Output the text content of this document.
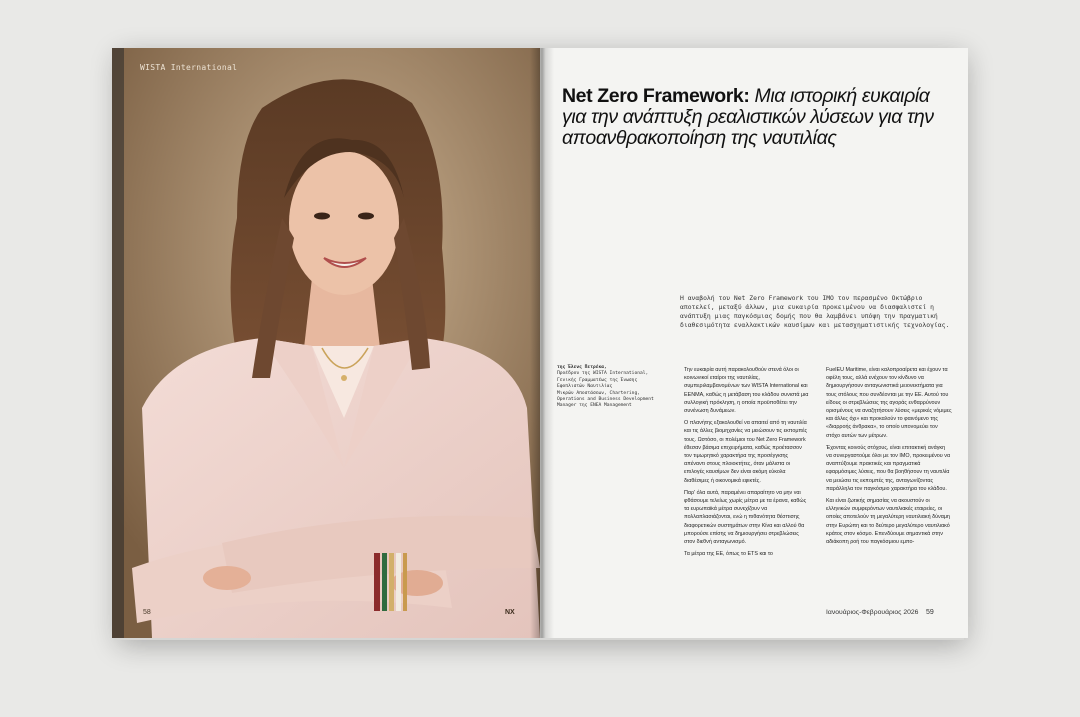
WISTA International
58	NX
της Έλενς Πετρέκα,
Προέδρου της WISTA International,
Γενικής Γραμματέως της Ένωσης
Εφοπλιστών Ναυτιλίας
Μικρών Αποστάσεων, Chartering,
Operations and Business Development
Manager της ENEA Management
Net Zero Framework: Μια ιστορική ευκαιρία για την ανάπτυξη ρεαλιστικών λύσεων για την απoανθρακοποίηση της ναυτιλίας
Η αναβολή του Net Zero Framework του IMO τον περασμένο Οκτώβριο αποτελεί, μεταξύ άλλων, μια ευκαιρία προκειμένου να διασφαλιστεί η ανάπτυξη μιας παγκόσμιας δομής που θα λαμβάνει υπόψη την πραγματική διαθεσιμότητα εναλλακτικών καυσίμων και μετασχηματιστικής τεχνολογίας.

Την ευκαιρία αυτή παρακολουθούν στενά όλοι οι κοινωνικοί εταίροι της ναυτιλίας, συμπεριλαμβανομένων των WISTA International και ΕΕΝΜΑ, καθώς η μετάβαση του κλάδου συνιστά μια συλλογική πρόκληση, η οποία προϋποθέτει την συνένωση δυνάμεων.

Ο πλανήτης εξακολουθεί να απαιτεί από τη ναυτιλία και τις άλλες βιομηχανίες να μειώσουν τις εκπομπές τους. Ωστόσο, οι πολέμιοι του Net Zero Framework έθεσαν βάσιμα επιχειρήματα, καθώς προέτασσον τον τιμωρητικό χαρακτήρα της προσέγγισης απέναντι στους πλοιοκτήτες, όταν μάλιστα οι επιλογές καυσίμων δεν είναι ακόμη εύκολα διαθέσιμες ή οικονομικά εφικτές.

Παρ' όλα αυτά, παραμένει απαραίτητο να μην ναι φθάσουμε τελείως χωρίς μέτρα με τα έρανα, καθώς τα ευρωπαϊκά μέτρα συνεχίζουν να πολλαπλασιάζονται, ενώ η πιθανότητα θέσπισης διαφορετικών συστημάτων στην Κίνα και αλλού θα μπορούσε επίσης να δημιουργήσει στρεβλώσεις στον διεθνή ανταγωνισμό.

Τα μέτρα της ΕΕ, όπως το ETS και το

FuelEU Maritime, είναι καλοπροαίρετα και έχουν τα οφέλη τους, αλλά ενέχουν τον κίνδυνο να δημιουργήσουν ανταγωνιστικά μειονεκτήματα για τους στόλους που συνδέονται με την ΕΕ. Αυτού του είδους οι στρεβλώσεις της αγοράς ενθαρρύνουν ορισμένους να αναζητήσουν λύσεις «μερικές νόμιμες και άλλες όχι» και προκαλούν το φαινόμενο της «διαρροής άνθρακα», το οποίο υπονομεύει τον στόχο αυτών των μέτρων.

Έχοντας κοινούς στόχους, είναι επιτακτική ανάγκη να συνεργαστούμε όλοι με τον IMO, προκειμένου να αναπτύξουμε πρακτικές και πραγματικά εφαρμόσιμες λύσεις, που θα βοηθήσουν τη ναυτιλία να μειώσει τις εκπομπές της, ανταγωνίζοντας παράλληλα τον παγκόσμιο χαρακτήρα του κλάδου.

Και είναι ζωτικής σημασίας να ακουστούν οι ελληνικών συμφερόντων ναυτιλιακές εταιρείες, οι οποίες αποτελούν τη μεγαλύτερη ναυτιλιακή δύναμη στην Ευρώπη και το δεύτερο μεγαλύτερο ναυτιλιακό κράτος στον κόσμο. Επενδύουμε σημαντικά στην αδιάκοπη ροή του παγκόσμιου εμπο-

Ιανουάριος-Φεβρουάριος 2026 59
